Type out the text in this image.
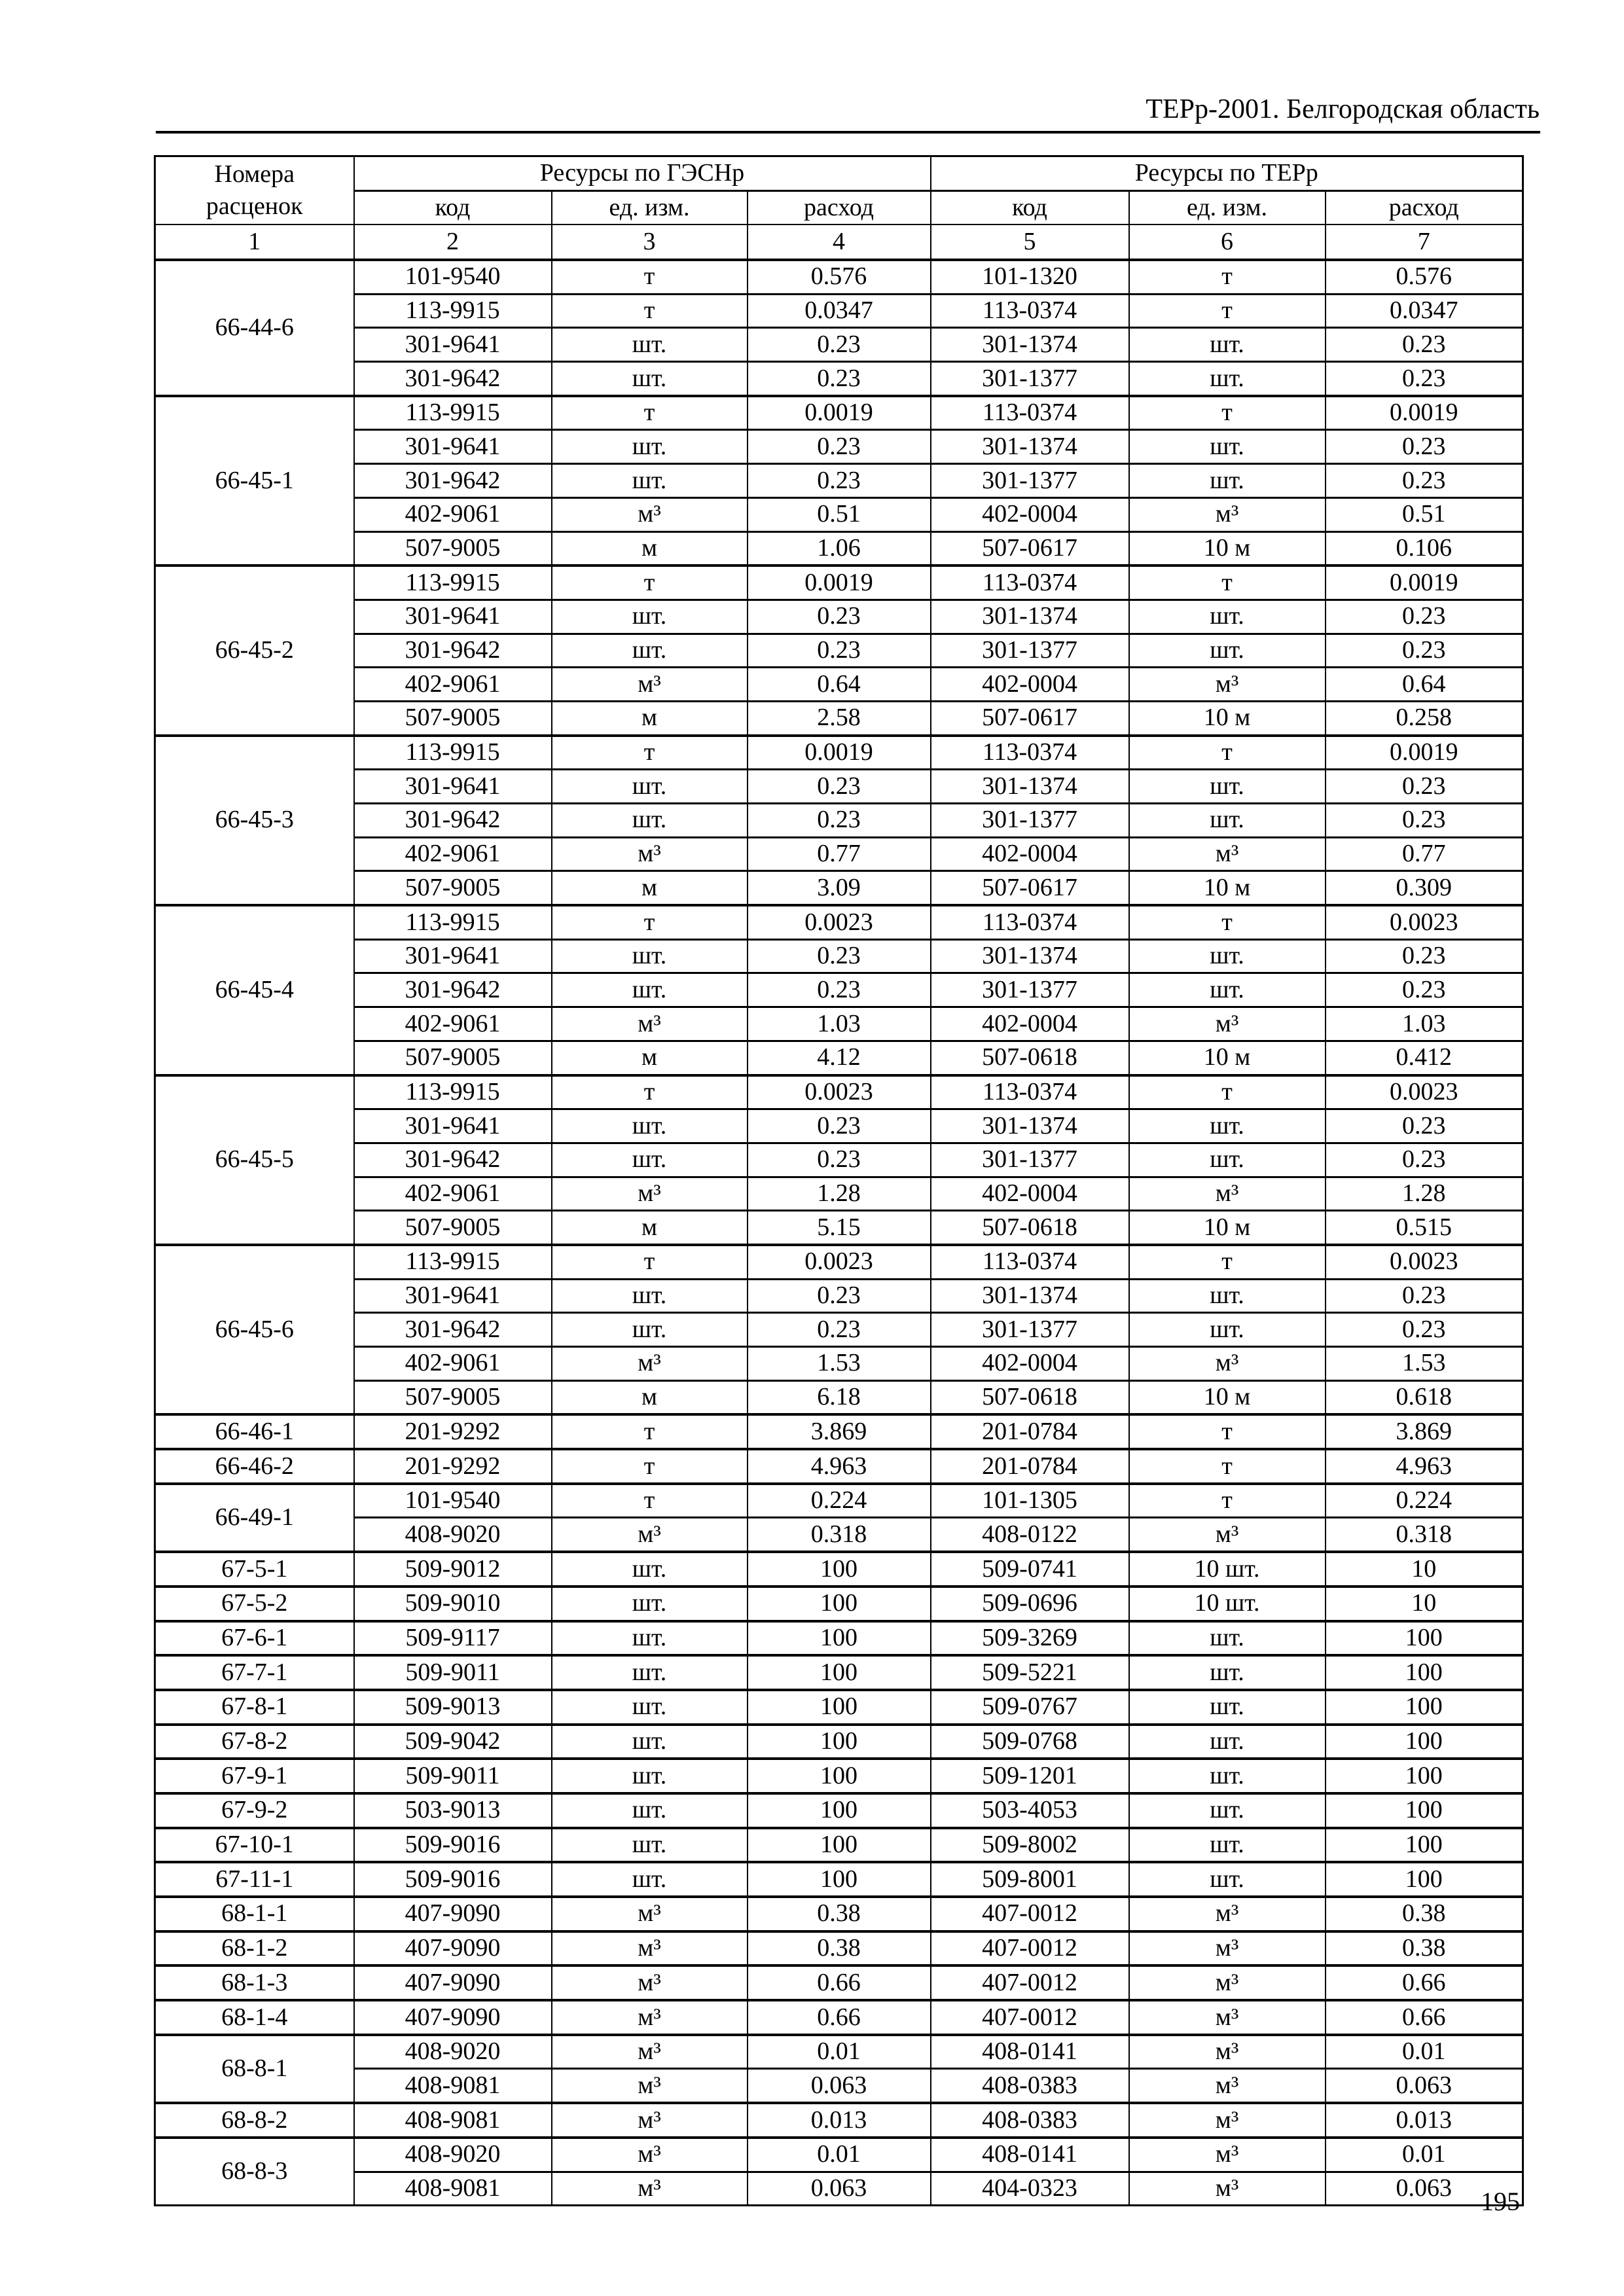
ТЕРр-2001. Белгородская область
Номера
расценок	Ресурсы по ГЭСНр			Ресурсы по ТЕРр		
	код	ед. изм.	расход	код	ед. изм.	расход
1	2	3	4	5	6	7
66-44-6	101-9540	т	0.576	101-1320	т	0.576
	113-9915	т	0.0347	113-0374	т	0.0347
	301-9641	шт.	0.23	301-1374	шт.	0.23
	301-9642	шт.	0.23	301-1377	шт.	0.23
66-45-1	113-9915	т	0.0019	113-0374	т	0.0019
	301-9641	шт.	0.23	301-1374	шт.	0.23
	301-9642	шт.	0.23	301-1377	шт.	0.23
	402-9061	м³	0.51	402-0004	м³	0.51
	507-9005	м	1.06	507-0617	10 м	0.106
66-45-2	113-9915	т	0.0019	113-0374	т	0.0019
	301-9641	шт.	0.23	301-1374	шт.	0.23
	301-9642	шт.	0.23	301-1377	шт.	0.23
	402-9061	м³	0.64	402-0004	м³	0.64
	507-9005	м	2.58	507-0617	10 м	0.258
66-45-3	113-9915	т	0.0019	113-0374	т	0.0019
	301-9641	шт.	0.23	301-1374	шт.	0.23
	301-9642	шт.	0.23	301-1377	шт.	0.23
	402-9061	м³	0.77	402-0004	м³	0.77
	507-9005	м	3.09	507-0617	10 м	0.309
66-45-4	113-9915	т	0.0023	113-0374	т	0.0023
	301-9641	шт.	0.23	301-1374	шт.	0.23
	301-9642	шт.	0.23	301-1377	шт.	0.23
	402-9061	м³	1.03	402-0004	м³	1.03
	507-9005	м	4.12	507-0618	10 м	0.412
66-45-5	113-9915	т	0.0023	113-0374	т	0.0023
	301-9641	шт.	0.23	301-1374	шт.	0.23
	301-9642	шт.	0.23	301-1377	шт.	0.23
	402-9061	м³	1.28	402-0004	м³	1.28
	507-9005	м	5.15	507-0618	10 м	0.515
66-45-6	113-9915	т	0.0023	113-0374	т	0.0023
	301-9641	шт.	0.23	301-1374	шт.	0.23
	301-9642	шт.	0.23	301-1377	шт.	0.23
	402-9061	м³	1.53	402-0004	м³	1.53
	507-9005	м	6.18	507-0618	10 м	0.618
66-46-1	201-9292	т	3.869	201-0784	т	3.869
66-46-2	201-9292	т	4.963	201-0784	т	4.963
66-49-1	101-9540	т	0.224	101-1305	т	0.224
	408-9020	м³	0.318	408-0122	м³	0.318
67-5-1	509-9012	шт.	100	509-0741	10 шт.	10
67-5-2	509-9010	шт.	100	509-0696	10 шт.	10
67-6-1	509-9117	шт.	100	509-3269	шт.	100
67-7-1	509-9011	шт.	100	509-5221	шт.	100
67-8-1	509-9013	шт.	100	509-0767	шт.	100
67-8-2	509-9042	шт.	100	509-0768	шт.	100
67-9-1	509-9011	шт.	100	509-1201	шт.	100
67-9-2	503-9013	шт.	100	503-4053	шт.	100
67-10-1	509-9016	шт.	100	509-8002	шт.	100
67-11-1	509-9016	шт.	100	509-8001	шт.	100
68-1-1	407-9090	м³	0.38	407-0012	м³	0.38
68-1-2	407-9090	м³	0.38	407-0012	м³	0.38
68-1-3	407-9090	м³	0.66	407-0012	м³	0.66
68-1-4	407-9090	м³	0.66	407-0012	м³	0.66
68-8-1	408-9020	м³	0.01	408-0141	м³	0.01
	408-9081	м³	0.063	408-0383	м³	0.063
68-8-2	408-9081	м³	0.013	408-0383	м³	0.013
68-8-3	408-9020	м³	0.01	408-0141	м³	0.01
	408-9081	м³	0.063	404-0323	м³	0.063 195
